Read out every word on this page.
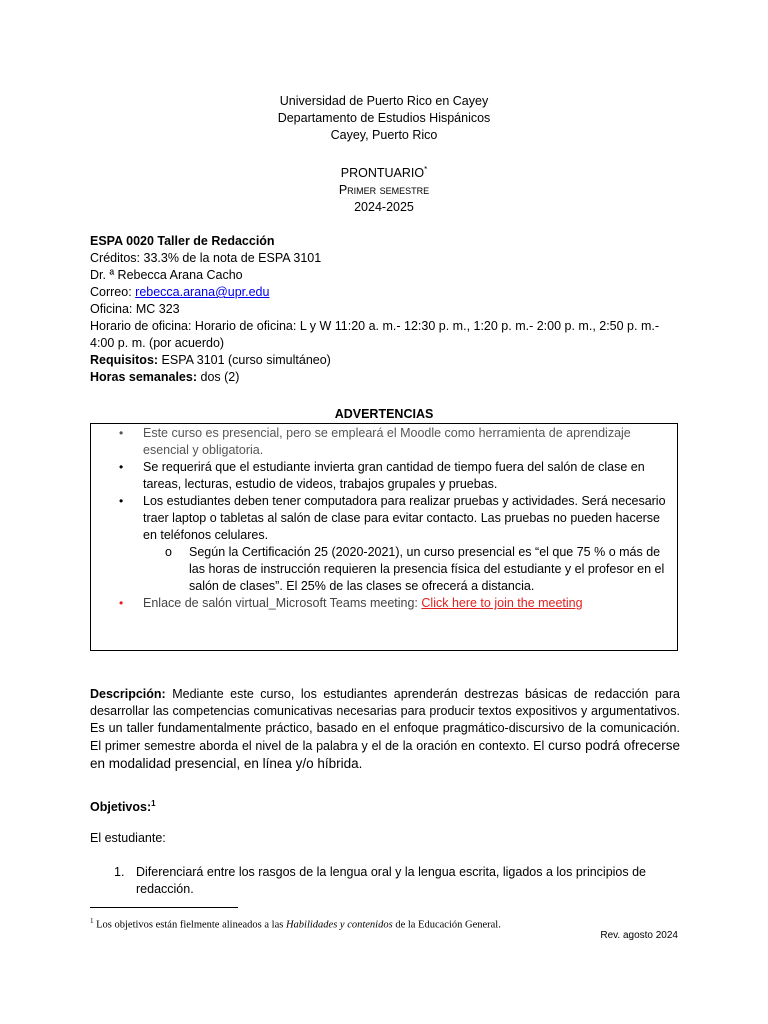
Universidad de Puerto Rico en Cayey
Departamento de Estudios Hispánicos
Cayey, Puerto Rico
PRONTUARIO*
Primer semestre
2024-2025
ESPA 0020 Taller de Redacción
Créditos: 33.3% de la nota de ESPA 3101
Dr. ª Rebecca Arana Cacho
Correo: rebecca.arana@upr.edu
Oficina: MC 323
Horario de oficina: Horario de oficina: L y W 11:20 a. m.- 12:30 p. m., 1:20 p. m.- 2:00 p. m., 2:50 p. m.- 4:00 p. m. (por acuerdo)
Requisitos: ESPA 3101 (curso simultáneo)
Horas semanales: dos (2)
ADVERTENCIAS
• Este curso es presencial, pero se empleará el Moodle como herramienta de aprendizaje esencial y obligatoria.
• Se requerirá que el estudiante invierta gran cantidad de tiempo fuera del salón de clase en tareas, lecturas, estudio de videos, trabajos grupales y pruebas.
• Los estudiantes deben tener computadora para realizar pruebas y actividades. Será necesario traer laptop o tabletas al salón de clase para evitar contacto. Las pruebas no pueden hacerse en teléfonos celulares.
o Según la Certificación 25 (2020-2021), un curso presencial es “el que 75 % o más de las horas de instrucción requieren la presencia física del estudiante y el profesor en el salón de clases”. El 25% de las clases se ofrecerá a distancia.
• Enlace de salón virtual_Microsoft Teams meeting: Click here to join the meeting
Descripción: Mediante este curso, los estudiantes aprenderán destrezas básicas de redacción para desarrollar las competencias comunicativas necesarias para producir textos expositivos y argumentativos. Es un taller fundamentalmente práctico, basado en el enfoque pragmático-discursivo de la comunicación. El primer semestre aborda el nivel de la palabra y el de la oración en contexto. El curso podrá ofrecerse en modalidad presencial, en línea y/o híbrida.
Objetivos:$^1$
El estudiante:
1. Diferenciará entre los rasgos de la lengua oral y la lengua escrita, ligados a los principios de redacción.
$^1$ Los objetivos están fielmente alineados a las Habilidades y contenidos de la Educación General.
Rev. agosto 2024
